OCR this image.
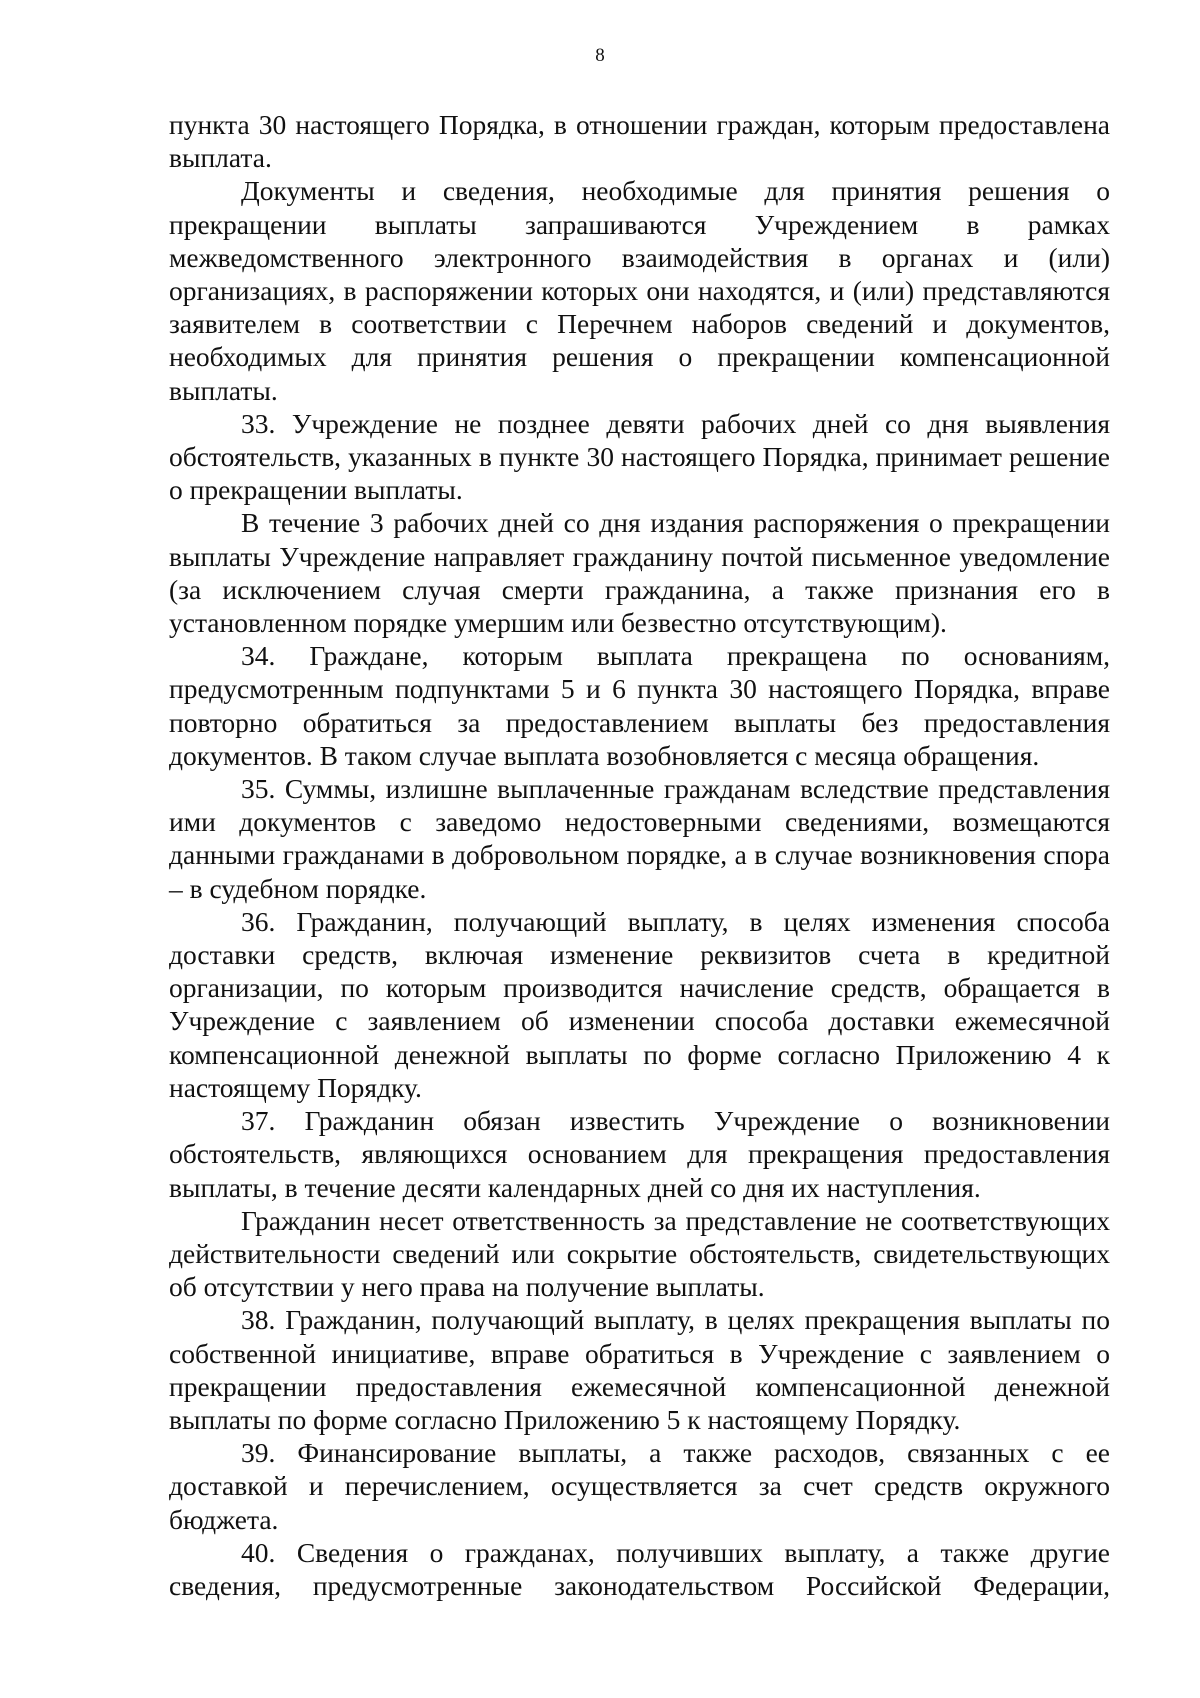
8

пункта 30 настоящего Порядка, в отношении граждан, которым предоставлена выплата.

Документы и сведения, необходимые для принятия решения о прекращении выплаты запрашиваются Учреждением в рамках межведомственного электронного взаимодействия в органах и (или) организациях, в распоряжении которых они находятся, и (или) представляются заявителем в соответствии с Перечнем наборов сведений и документов, необходимых для принятия решения о прекращении компенсационной выплаты.

33. Учреждение не позднее девяти рабочих дней со дня выявления обстоятельств, указанных в пункте 30 настоящего Порядка, принимает решение о прекращении выплаты.

В течение 3 рабочих дней со дня издания распоряжения о прекращении выплаты Учреждение направляет гражданину почтой письменное уведомление (за исключением случая смерти гражданина, а также признания его в установленном порядке умершим или безвестно отсутствующим).

34. Граждане, которым выплата прекращена по основаниям, предусмотренным подпунктами 5 и 6 пункта 30 настоящего Порядка, вправе повторно обратиться за предоставлением выплаты без предоставления документов. В таком случае выплата возобновляется с месяца обращения.

35. Суммы, излишне выплаченные гражданам вследствие представления ими документов с заведомо недостоверными сведениями, возмещаются данными гражданами в добровольном порядке, а в случае возникновения спора – в судебном порядке.

36. Гражданин, получающий выплату, в целях изменения способа доставки средств, включая изменение реквизитов счета в кредитной организации, по которым производится начисление средств, обращается в Учреждение с заявлением об изменении способа доставки ежемесячной компенсационной денежной выплаты по форме согласно Приложению 4 к настоящему Порядку.

37. Гражданин обязан известить Учреждение о возникновении обстоятельств, являющихся основанием для прекращения предоставления выплаты, в течение десяти календарных дней со дня их наступления.

Гражданин несет ответственность за представление не соответствующих действительности сведений или сокрытие обстоятельств, свидетельствующих об отсутствии у него права на получение выплаты.

38. Гражданин, получающий выплату, в целях прекращения выплаты по собственной инициативе, вправе обратиться в Учреждение с заявлением о прекращении предоставления ежемесячной компенсационной денежной выплаты по форме согласно Приложению 5 к настоящему Порядку.

39. Финансирование выплаты, а также расходов, связанных с ее доставкой и перечислением, осуществляется за счет средств окружного бюджета.

40. Сведения о гражданах, получивших выплату, а также другие сведения, предусмотренные законодательством Российской Федерации,
